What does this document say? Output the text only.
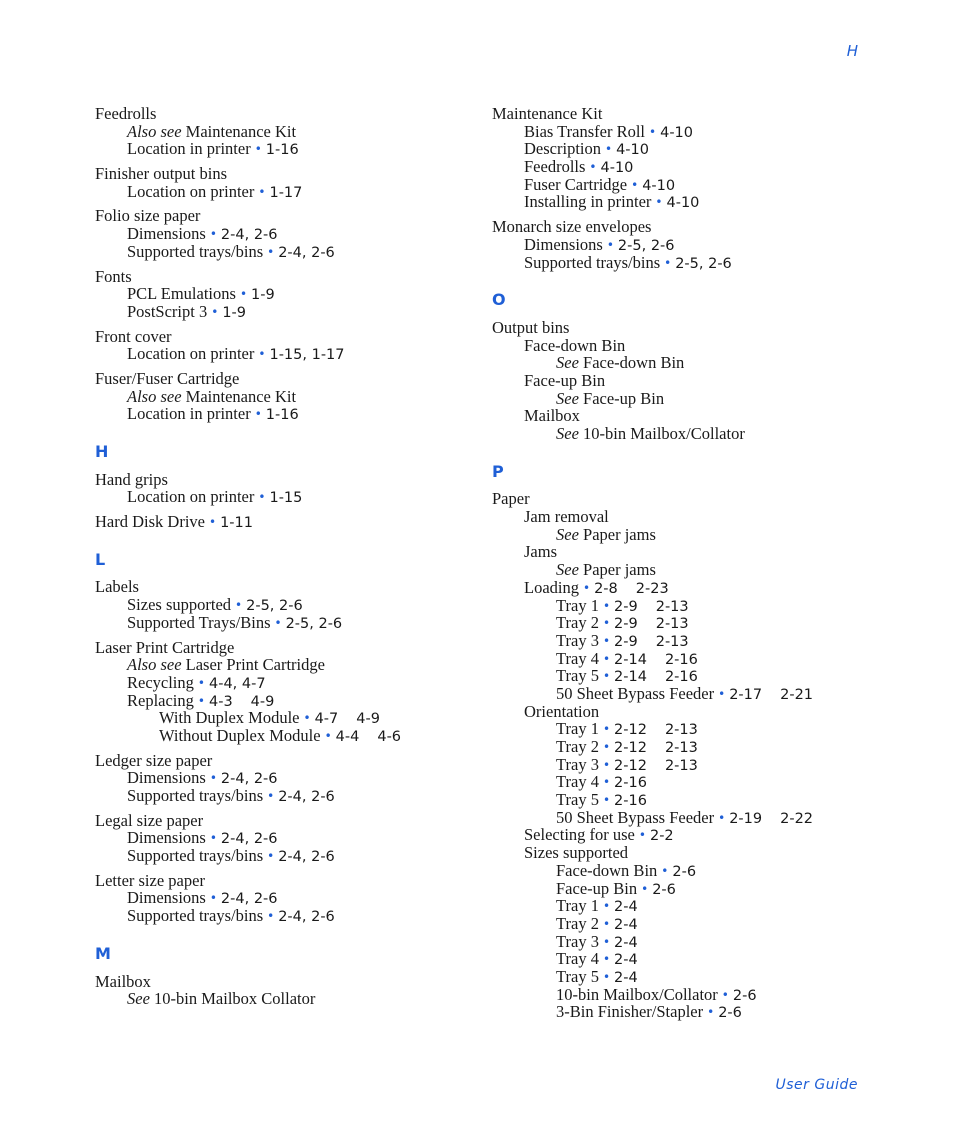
H
Feedrolls
Also see Maintenance Kit
Location in printer • 1-16
Finisher output bins
Location on printer • 1-17
Folio size paper
Dimensions • 2-4, 2-6
Supported trays/bins • 2-4, 2-6
Fonts
PCL Emulations • 1-9
PostScript 3 • 1-9
Front cover
Location on printer • 1-15, 1-17
Fuser/Fuser Cartridge
Also see Maintenance Kit
Location in printer • 1-16
H
Hand grips
Location on printer • 1-15
Hard Disk Drive • 1-11
L
Labels
Sizes supported • 2-5, 2-6
Supported Trays/Bins • 2-5, 2-6
Laser Print Cartridge
Also see Laser Print Cartridge
Recycling • 4-4, 4-7
Replacing • 4-3 4-9
With Duplex Module • 4-7 4-9
Without Duplex Module • 4-4 4-6
Ledger size paper
Dimensions • 2-4, 2-6
Supported trays/bins • 2-4, 2-6
Legal size paper
Dimensions • 2-4, 2-6
Supported trays/bins • 2-4, 2-6
Letter size paper
Dimensions • 2-4, 2-6
Supported trays/bins • 2-4, 2-6
M
Mailbox
See 10-bin Mailbox Collator
Maintenance Kit
Bias Transfer Roll • 4-10
Description • 4-10
Feedrolls • 4-10
Fuser Cartridge • 4-10
Installing in printer • 4-10
Monarch size envelopes
Dimensions • 2-5, 2-6
Supported trays/bins • 2-5, 2-6
O
Output bins
Face-down Bin
See Face-down Bin
Face-up Bin
See Face-up Bin
Mailbox
See 10-bin Mailbox/Collator
P
Paper
Jam removal
See Paper jams
Jams
See Paper jams
Loading • 2-8 2-23
Tray 1 • 2-9 2-13
Tray 2 • 2-9 2-13
Tray 3 • 2-9 2-13
Tray 4 • 2-14 2-16
Tray 5 • 2-14 2-16
50 Sheet Bypass Feeder • 2-17 2-21
Orientation
Tray 1 • 2-12 2-13
Tray 2 • 2-12 2-13
Tray 3 • 2-12 2-13
Tray 4 • 2-16
Tray 5 • 2-16
50 Sheet Bypass Feeder • 2-19 2-22
Selecting for use • 2-2
Sizes supported
Face-down Bin • 2-6
Face-up Bin • 2-6
Tray 1 • 2-4
Tray 2 • 2-4
Tray 3 • 2-4
Tray 4 • 2-4
Tray 5 • 2-4
10-bin Mailbox/Collator • 2-6
3-Bin Finisher/Stapler • 2-6
User Guide
